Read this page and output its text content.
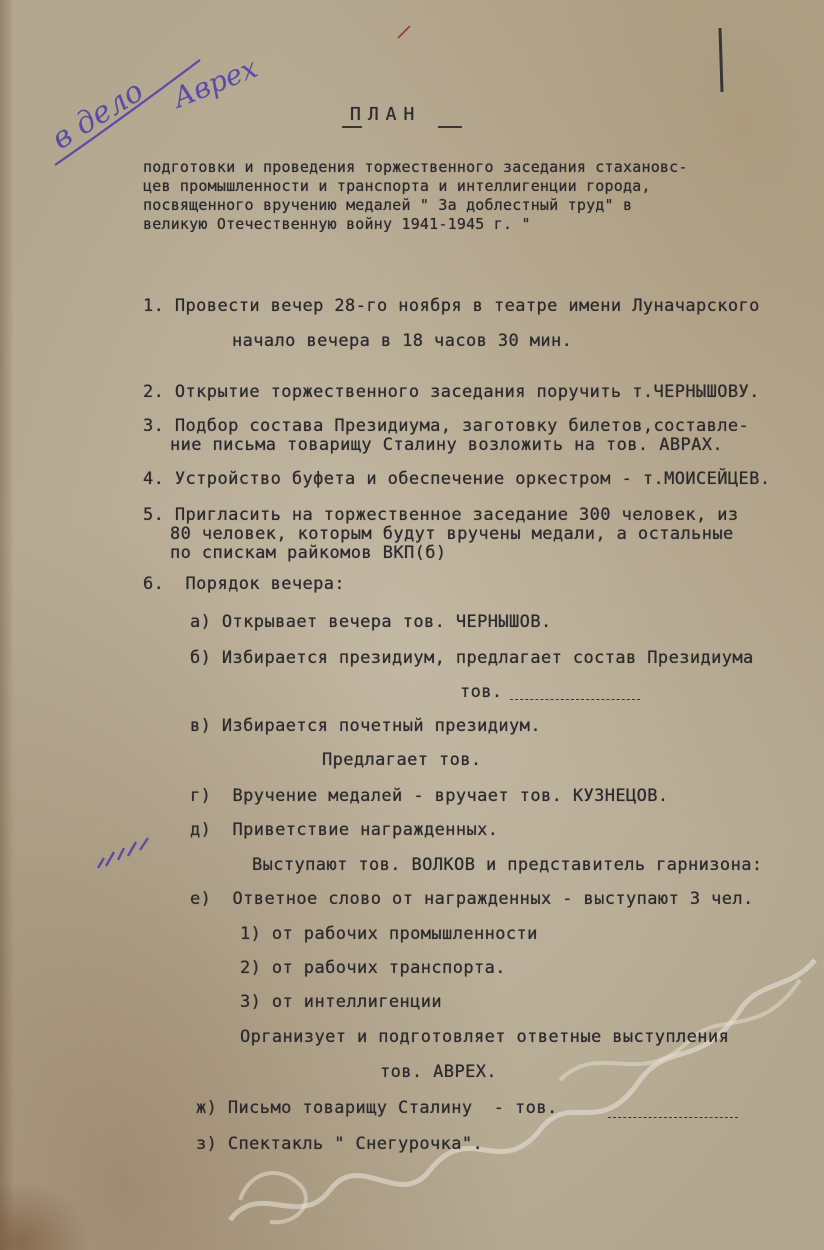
в дело Аврех

ПЛАН

подготовки и проведения торжественного заседания стахановс-

цев промышленности и транспорта и интеллигенции города,

посвященного вручению медалей " За доблестный труд" в

великую Отечественную войну 1941-1945 г. "

1. Провести вечер 28-го ноября в театре имени Луначарского

начало вечера в 18 часов 30 мин.

2. Открытие торжественного заседания поручить т.ЧЕРНЫШОВУ.

3. Подбор состава Президиума, заготовку билетов,составле-

ние письма товарищу Сталину возложить на тов. АВРАХ.

4. Устройство буфета и обеспечение оркестром - т.МОИСЕЙЦЕВ.

5. Пригласить на торжественное заседание 300 человек, из

80 человек, которым будут вручены медали, а остальные

по спискам райкомов ВКП(б)

6.  Порядок вечера:

а) Открывает вечера тов. ЧЕРНЫШОВ.

б) Избирается президиум, предлагает состав Президиума

тов.

в) Избирается почетный президиум.

Предлагает тов.

г)  Вручение медалей - вручает тов. КУЗНЕЦОВ.

д)  Приветствие награжденных.

Выступают тов. ВОЛКОВ и представитель гарнизона:

е)  Ответное слово от награжденных - выступают 3 чел.

1) от рабочих промышленности

2) от рабочих транспорта.

3) от интеллигенции

Организует и подготовляет ответные выступления

тов. АВРЕХ.

ж) Письмо товарищу Сталину  - тов.

з) Спектакль " Снегурочка".
